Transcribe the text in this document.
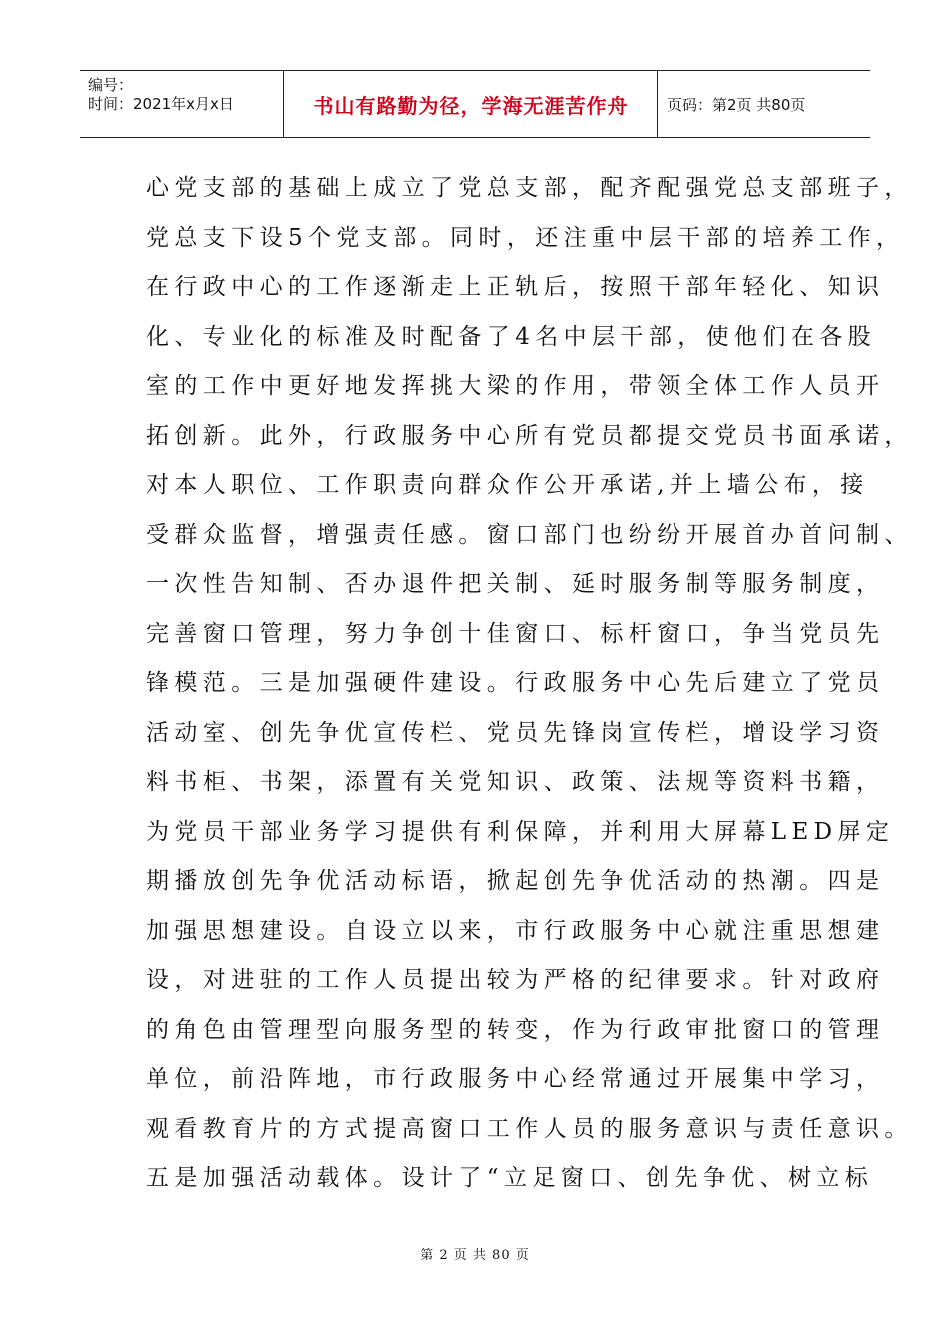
编号：
时间：2021年x月x日	书山有路勤为径，学海无涯苦作舟	页码：第2页 共80页
心党支部的基础上成立了党总支部，配齐配强党总支部班子，
党总支下设5个党支部。同时，还注重中层干部的培养工作，
在行政中心的工作逐渐走上正轨后，按照干部年轻化、知识
化、专业化的标准及时配备了4名中层干部，使他们在各股
室的工作中更好地发挥挑大梁的作用，带领全体工作人员开
拓创新。此外，行政服务中心所有党员都提交党员书面承诺，
对本人职位、工作职责向群众作公开承诺,并上墙公布，接
受群众监督，增强责任感。窗口部门也纷纷开展首办首问制、
一次性告知制、否办退件把关制、延时服务制等服务制度，
完善窗口管理，努力争创十佳窗口、标杆窗口，争当党员先
锋模范。三是加强硬件建设。行政服务中心先后建立了党员
活动室、创先争优宣传栏、党员先锋岗宣传栏，增设学习资
料书柜、书架，添置有关党知识、政策、法规等资料书籍，
为党员干部业务学习提供有利保障，并利用大屏幕LED屏定
期播放创先争优活动标语，掀起创先争优活动的热潮。四是
加强思想建设。自设立以来，市行政服务中心就注重思想建
设，对进驻的工作人员提出较为严格的纪律要求。针对政府
的角色由管理型向服务型的转变，作为行政审批窗口的管理
单位，前沿阵地，市行政服务中心经常通过开展集中学习，
观看教育片的方式提高窗口工作人员的服务意识与责任意识。
五是加强活动载体。设计了“立足窗口、创先争优、树立标
第 2 页 共 80 页
